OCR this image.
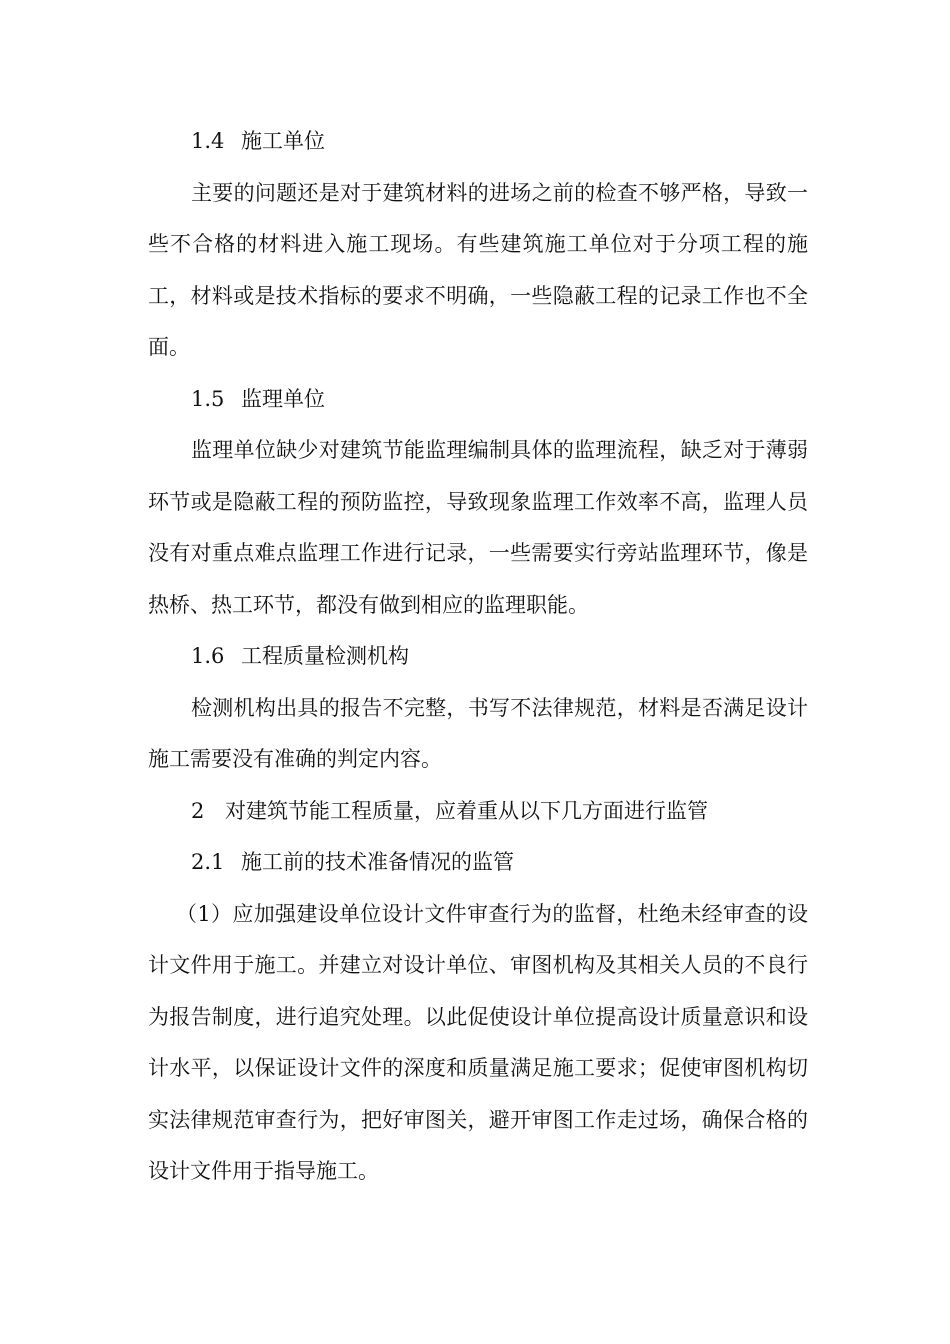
1.4 施工单位

主要的问题还是对于建筑材料的进场之前的检查不够严格，导致一些不合格的材料进入施工现场。有些建筑施工单位对于分项工程的施工，材料或是技术指标的要求不明确，一些隐蔽工程的记录工作也不全面。

1.5 监理单位

监理单位缺少对建筑节能监理编制具体的监理流程，缺乏对于薄弱环节或是隐蔽工程的预防监控，导致现象监理工作效率不高，监理人员没有对重点难点监理工作进行记录，一些需要实行旁站监理环节，像是热桥、热工环节，都没有做到相应的监理职能。

1.6 工程质量检测机构

检测机构出具的报告不完整，书写不法律规范，材料是否满足设计施工需要没有准确的判定内容。

2 对建筑节能工程质量，应着重从以下几方面进行监管
2.1 施工前的技术准备情况的监管

（1）应加强建设单位设计文件审查行为的监督，杜绝未经审查的设计文件用于施工。并建立对设计单位、审图机构及其相关人员的不良行为报告制度，进行追究处理。以此促使设计单位提高设计质量意识和设计水平，以保证设计文件的深度和质量满足施工要求；促使审图机构切实法律规范审查行为，把好审图关，避开审图工作走过场，确保合格的设计文件用于指导施工。
